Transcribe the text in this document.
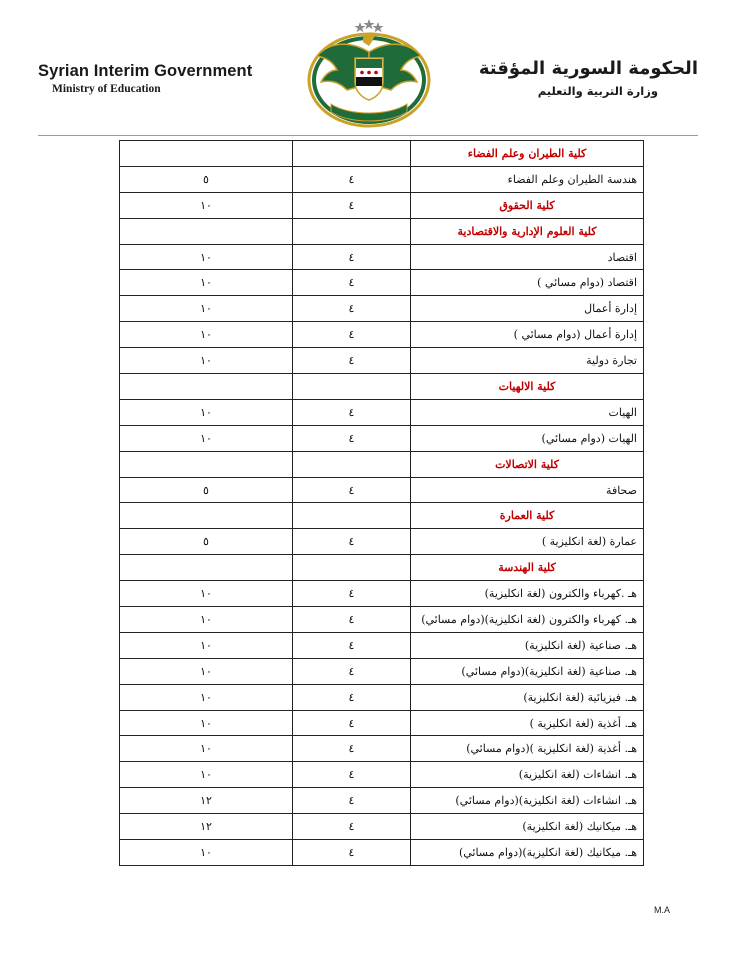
Syrian Interim Government
Ministry of Education
الحكومة السورية المؤقتة
وزارة التربية والتعليم
كلية الطيران وعلم الفضاء		
هندسة الطيران وعلم الفضاء	٤	٥
كلية الحقوق	٤	١٠
كلية العلوم الإدارية والاقتصادية		
اقتصاد	٤	١٠
اقتصاد (دوام مسائي )	٤	١٠
إدارة أعمال	٤	١٠
إدارة أعمال (دوام مسائي )	٤	١٠
تجارة دولية	٤	١٠
كلية الالهيات		
الهيات	٤	١٠
الهيات (دوام مسائي)	٤	١٠
كلية الاتصالات		
صحافة	٤	٥
كلية العمارة		
عمارة (لغة انكليزية )	٤	٥
كلية الهندسة		
هـ .كهرباء والكترون (لغة انكليزية)	٤	١٠
هـ. كهرباء والكترون (لغة انكليزية)(دوام مسائي)	٤	١٠
هـ. صناعية (لغة انكليزية)	٤	١٠
هـ. صناعية (لغة انكليزية)(دوام مسائي)	٤	١٠
هـ. فيزيائية (لغة انكليزية)	٤	١٠
هـ. أغذية (لغة انكليزية )	٤	١٠
هـ. أغذية (لغة انكليزية )(دوام مسائي)	٤	١٠
هـ. انشاءات (لغة انكليزية)	٤	١٠
هـ. انشاءات (لغة انكليزية)(دوام مسائي)	٤	١٢
هـ. ميكانيك (لغة انكليزية)	٤	١٢
هـ. ميكانيك (لغة انكليزية)(دوام مسائي)	٤	١٠
M.A
